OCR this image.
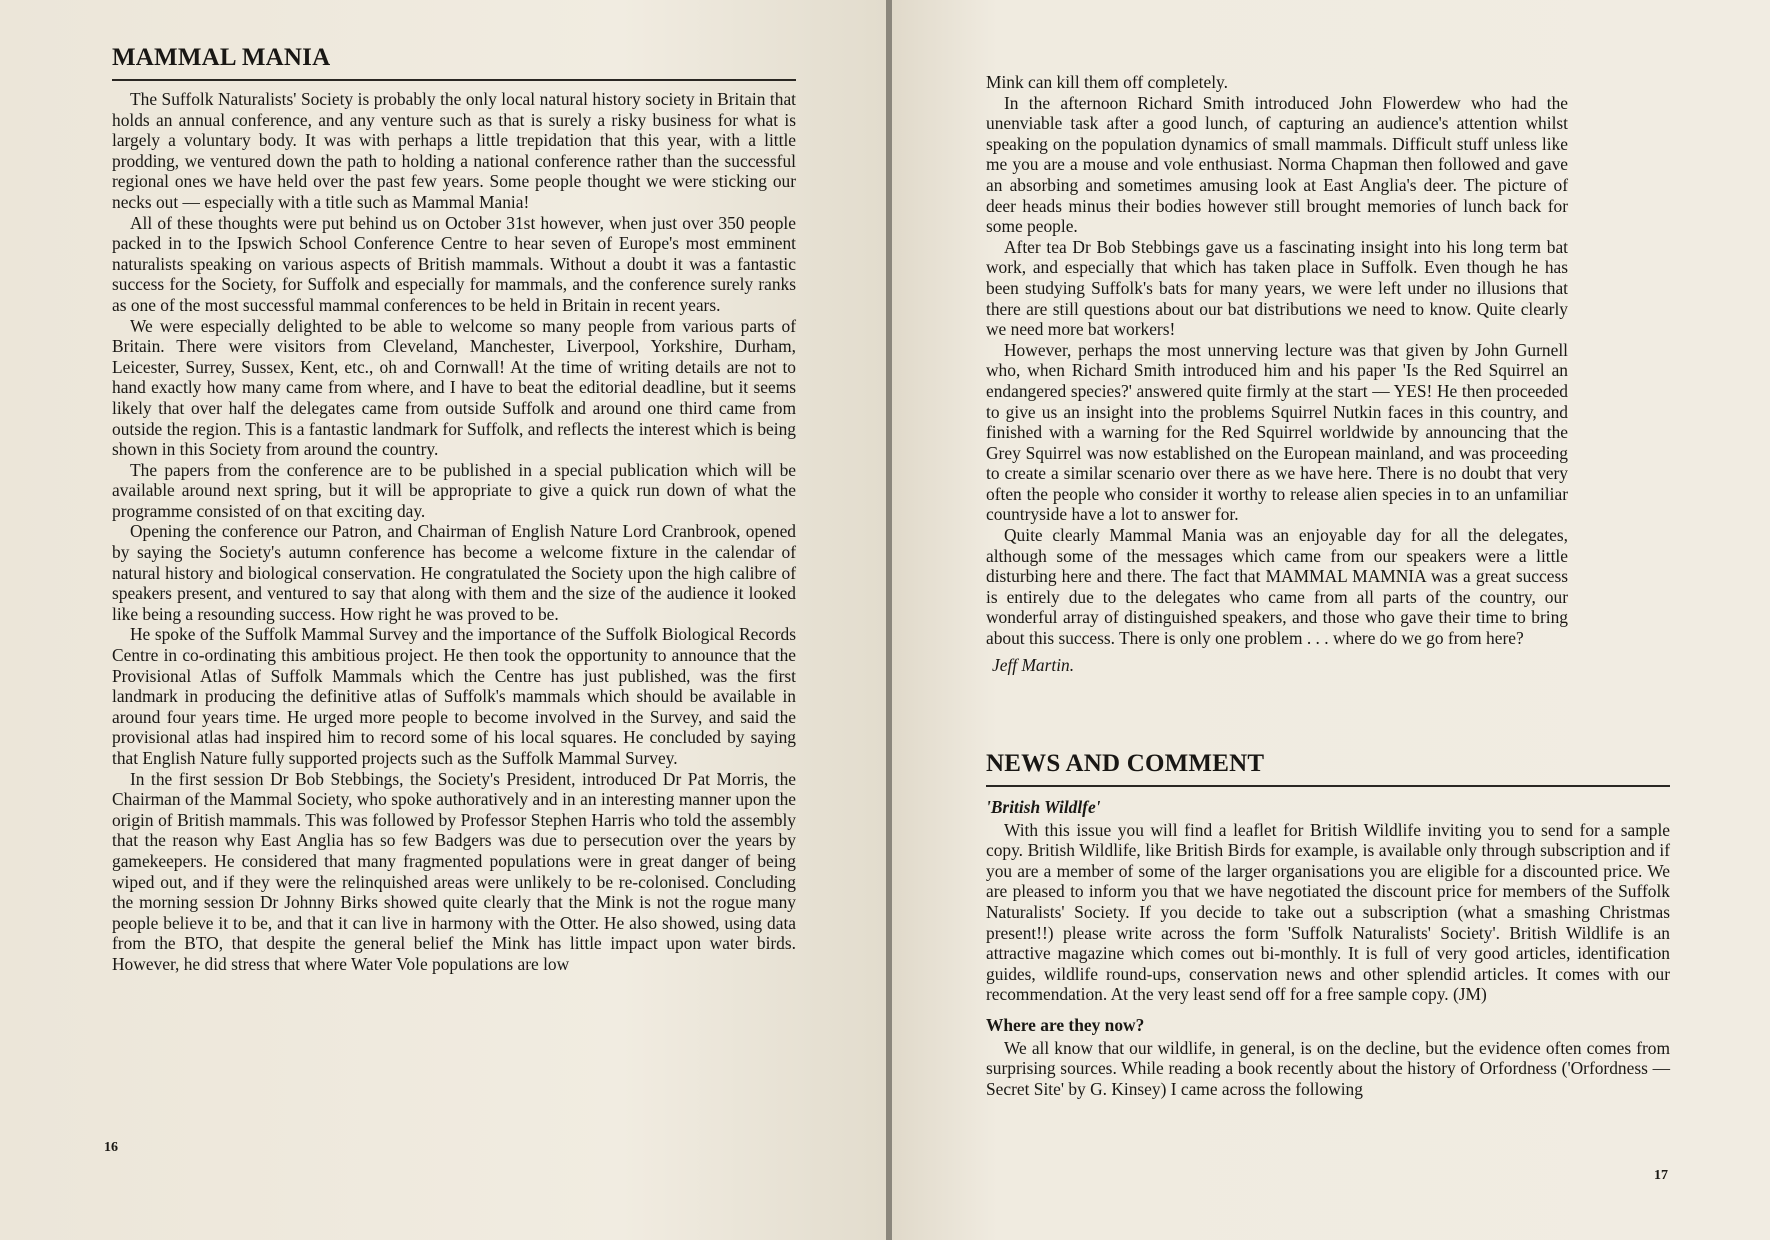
MAMMAL MANIA

The Suffolk Naturalists' Society is probably the only local natural history society in Britain that holds an annual conference, and any venture such as that is surely a risky business for what is largely a voluntary body. It was with perhaps a little trepidation that this year, with a little prodding, we ventured down the path to holding a national conference rather than the successful regional ones we have held over the past few years. Some people thought we were sticking our necks out — especially with a title such as Mammal Mania!

All of these thoughts were put behind us on October 31st however, when just over 350 people packed in to the Ipswich School Conference Centre to hear seven of Europe's most emminent naturalists speaking on various aspects of British mammals. Without a doubt it was a fantastic success for the Society, for Suffolk and especially for mammals, and the conference surely ranks as one of the most successful mammal conferences to be held in Britain in recent years.

We were especially delighted to be able to welcome so many people from various parts of Britain. There were visitors from Cleveland, Manchester, Liverpool, Yorkshire, Durham, Leicester, Surrey, Sussex, Kent, etc., oh and Cornwall! At the time of writing details are not to hand exactly how many came from where, and I have to beat the editorial deadline, but it seems likely that over half the delegates came from outside Suffolk and around one third came from outside the region. This is a fantastic landmark for Suffolk, and reflects the interest which is being shown in this Society from around the country.

The papers from the conference are to be published in a special publication which will be available around next spring, but it will be appropriate to give a quick run down of what the programme consisted of on that exciting day.

Opening the conference our Patron, and Chairman of English Nature Lord Cranbrook, opened by saying the Society's autumn conference has become a welcome fixture in the calendar of natural history and biological conservation. He congratulated the Society upon the high calibre of speakers present, and ventured to say that along with them and the size of the audience it looked like being a resounding success. How right he was proved to be.

He spoke of the Suffolk Mammal Survey and the importance of the Suffolk Biological Records Centre in co-ordinating this ambitious project. He then took the opportunity to announce that the Provisional Atlas of Suffolk Mammals which the Centre has just published, was the first landmark in producing the definitive atlas of Suffolk's mammals which should be available in around four years time. He urged more people to become involved in the Survey, and said the provisional atlas had inspired him to record some of his local squares. He concluded by saying that English Nature fully supported projects such as the Suffolk Mammal Survey.

In the first session Dr Bob Stebbings, the Society's President, introduced Dr Pat Morris, the Chairman of the Mammal Society, who spoke authoratively and in an interesting manner upon the origin of British mammals. This was followed by Professor Stephen Harris who told the assembly that the reason why East Anglia has so few Badgers was due to persecution over the years by gamekeepers. He considered that many fragmented populations were in great danger of being wiped out, and if they were the relinquished areas were unlikely to be re-colonised. Concluding the morning session Dr Johnny Birks showed quite clearly that the Mink is not the rogue many people believe it to be, and that it can live in harmony with the Otter. He also showed, using data from the BTO, that despite the general belief the Mink has little impact upon water birds. However, he did stress that where Water Vole populations are low

16

Mink can kill them off completely.

In the afternoon Richard Smith introduced John Flowerdew who had the unenviable task after a good lunch, of capturing an audience's attention whilst speaking on the population dynamics of small mammals. Difficult stuff unless like me you are a mouse and vole enthusiast. Norma Chapman then followed and gave an absorbing and sometimes amusing look at East Anglia's deer. The picture of deer heads minus their bodies however still brought memories of lunch back for some people.

After tea Dr Bob Stebbings gave us a fascinating insight into his long term bat work, and especially that which has taken place in Suffolk. Even though he has been studying Suffolk's bats for many years, we were left under no illusions that there are still questions about our bat distributions we need to know. Quite clearly we need more bat workers!

However, perhaps the most unnerving lecture was that given by John Gurnell who, when Richard Smith introduced him and his paper 'Is the Red Squirrel an endangered species?' answered quite firmly at the start — YES! He then proceeded to give us an insight into the problems Squirrel Nutkin faces in this country, and finished with a warning for the Red Squirrel worldwide by announcing that the Grey Squirrel was now established on the European mainland, and was proceeding to create a similar scenario over there as we have here. There is no doubt that very often the people who consider it worthy to release alien species in to an unfamiliar countryside have a lot to answer for.

Quite clearly Mammal Mania was an enjoyable day for all the delegates, although some of the messages which came from our speakers were a little disturbing here and there. The fact that MAMMAL MAMNIA was a great success is entirely due to the delegates who came from all parts of the country, our wonderful array of distinguished speakers, and those who gave their time to bring about this success. There is only one problem . . . where do we go from here?

Jeff Martin.

NEWS AND COMMENT

'British Wildlfe'

With this issue you will find a leaflet for British Wildlife inviting you to send for a sample copy. British Wildlife, like British Birds for example, is available only through subscription and if you are a member of some of the larger organisations you are eligible for a discounted price. We are pleased to inform you that we have negotiated the discount price for members of the Suffolk Naturalists' Society. If you decide to take out a subscription (what a smashing Christmas present!!) please write across the form 'Suffolk Naturalists' Society'. British Wildlife is an attractive magazine which comes out bi-monthly. It is full of very good articles, identification guides, wildlife round-ups, conservation news and other splendid articles. It comes with our recommendation. At the very least send off for a free sample copy. (JM)

Where are they now?

We all know that our wildlife, in general, is on the decline, but the evidence often comes from surprising sources. While reading a book recently about the history of Orfordness ('Orfordness — Secret Site' by G. Kinsey) I came across the following

17
